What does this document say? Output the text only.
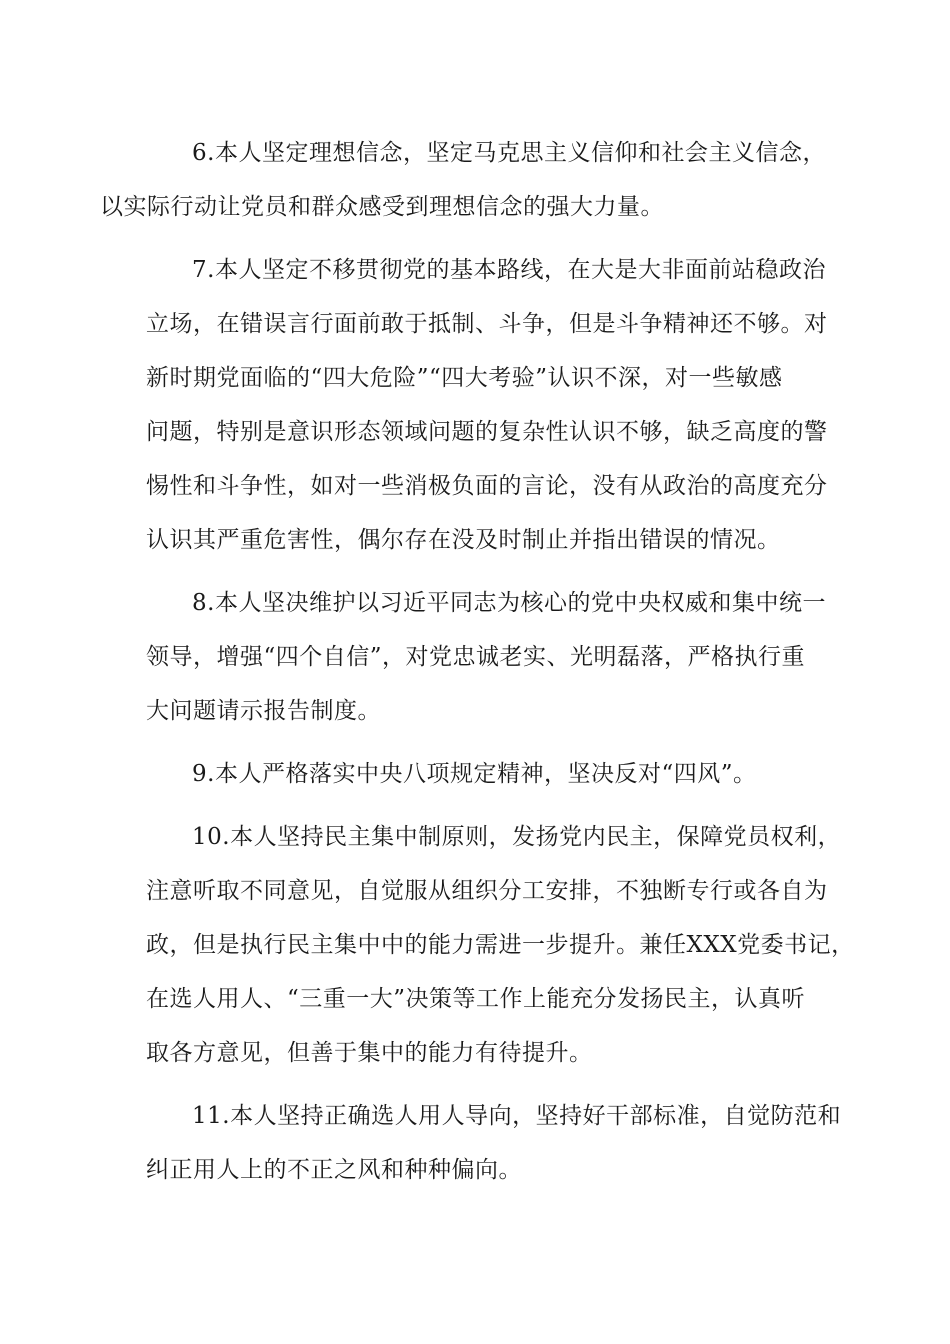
6.本人坚定理想信念，坚定马克思主义信仰和社会主义信念，
以实际行动让党员和群众感受到理想信念的强大力量。

7.本人坚定不移贯彻党的基本路线，在大是大非面前站稳政治
立场，在错误言行面前敢于抵制、斗争，但是斗争精神还不够。对
新时期党面临的“四大危险”“四大考验”认识不深，对一些敏感
问题，特别是意识形态领域问题的复杂性认识不够，缺乏高度的警
惕性和斗争性，如对一些消极负面的言论，没有从政治的高度充分
认识其严重危害性，偶尔存在没及时制止并指出错误的情况。

8.本人坚决维护以习近平同志为核心的党中央权威和集中统一
领导，增强“四个自信”，对党忠诚老实、光明磊落，严格执行重
大问题请示报告制度。

9.本人严格落实中央八项规定精神，坚决反对“四风”。

10.本人坚持民主集中制原则，发扬党内民主，保障党员权利，
注意听取不同意见，自觉服从组织分工安排，不独断专行或各自为
政，但是执行民主集中中的能力需进一步提升。兼任XXX党委书记，
在选人用人、“三重一大”决策等工作上能充分发扬民主，认真听
取各方意见，但善于集中的能力有待提升。

11.本人坚持正确选人用人导向，坚持好干部标准，自觉防范和
纠正用人上的不正之风和种种偏向。
